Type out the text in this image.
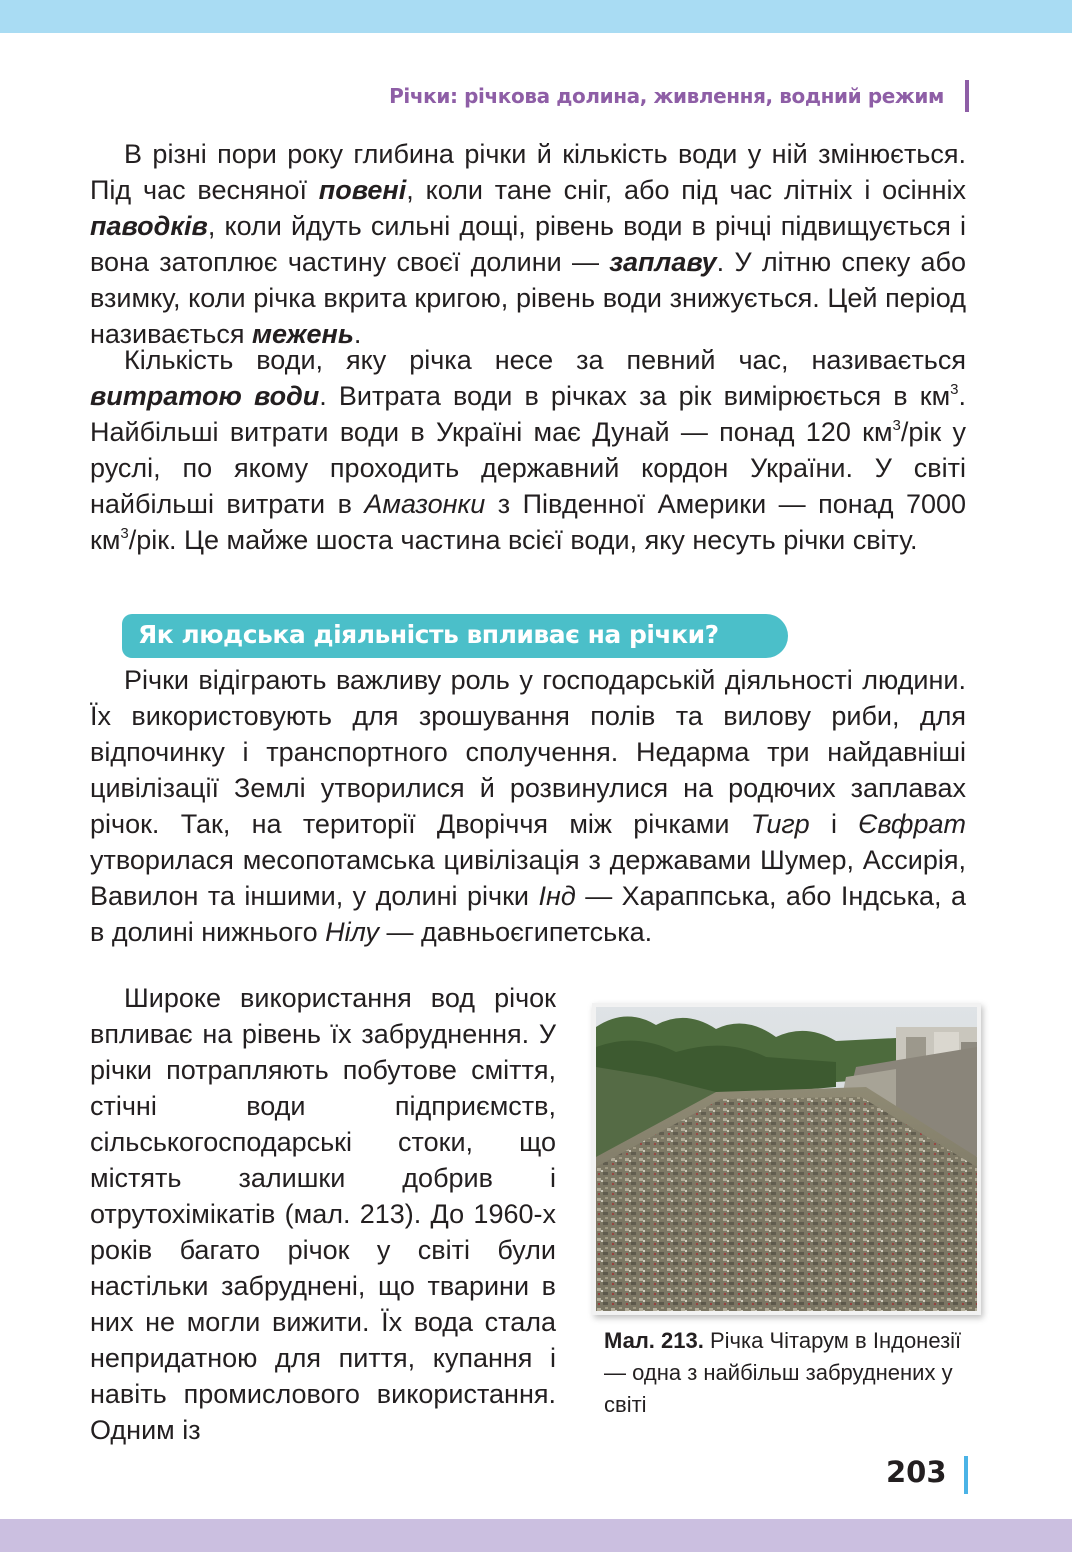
Річки: річкова долина, живлення, водний режим

В різні пори року глибина річки й кількість води у ній змінюється. Під час весняної повені, коли тане сніг, або під час літніх і осінніх паводків, коли йдуть сильні дощі, рівень води в річці підвищується і вона затоплює частину своєї долини — заплаву. У літню спеку або взимку, коли річка вкрита кригою, рівень води знижується. Цей період називається межень.

Кількість води, яку річка несе за певний час, називається витратою води. Витрата води в річках за рік вимірюється в $км^3$. Найбільші витрати води в Україні має Дунай — понад 120 $км^3$/рік у руслі, по якому проходить державний кордон України. У світі найбільші витрати в Амазонки з Південної Америки — понад 7000 $км^3$/рік. Це майже шоста частина всієї води, яку несуть річки світу.

Як людська діяльність впливає на річки?

Річки відіграють важливу роль у господарській діяльності людини. Їх використовують для зрошування полів та вилову риби, для відпочинку і транспортного сполучення. Недарма три найдавніші цивілізації Землі утворилися й розвинулися на родючих заплавах річок. Так, на території Дворіччя між річками Тигр і Євфрат утворилася месопотамська цивілізація з державами Шумер, Ассирія, Вавилон та іншими, у долині річки Інд — Хараппська, або Індська, а в долині нижнього Нілу — давньоєгипетська.

Широке використання вод річок впливає на рівень їх забруднення. У річки потрапляють побутове сміття, стічні води підприємств, сільськогосподарські стоки, що містять залишки добрив і отрутохімікатів (мал. 213). До 1960-х років багато річок у світі були настільки забруднені, що тварини в них не могли вижити. Їх вода стала непридатною для пиття, купання і навіть промислового використання. Одним із

Мал. 213. Річка Чітарум в Індонезії — одна з найбільш забруднених у світі
203
